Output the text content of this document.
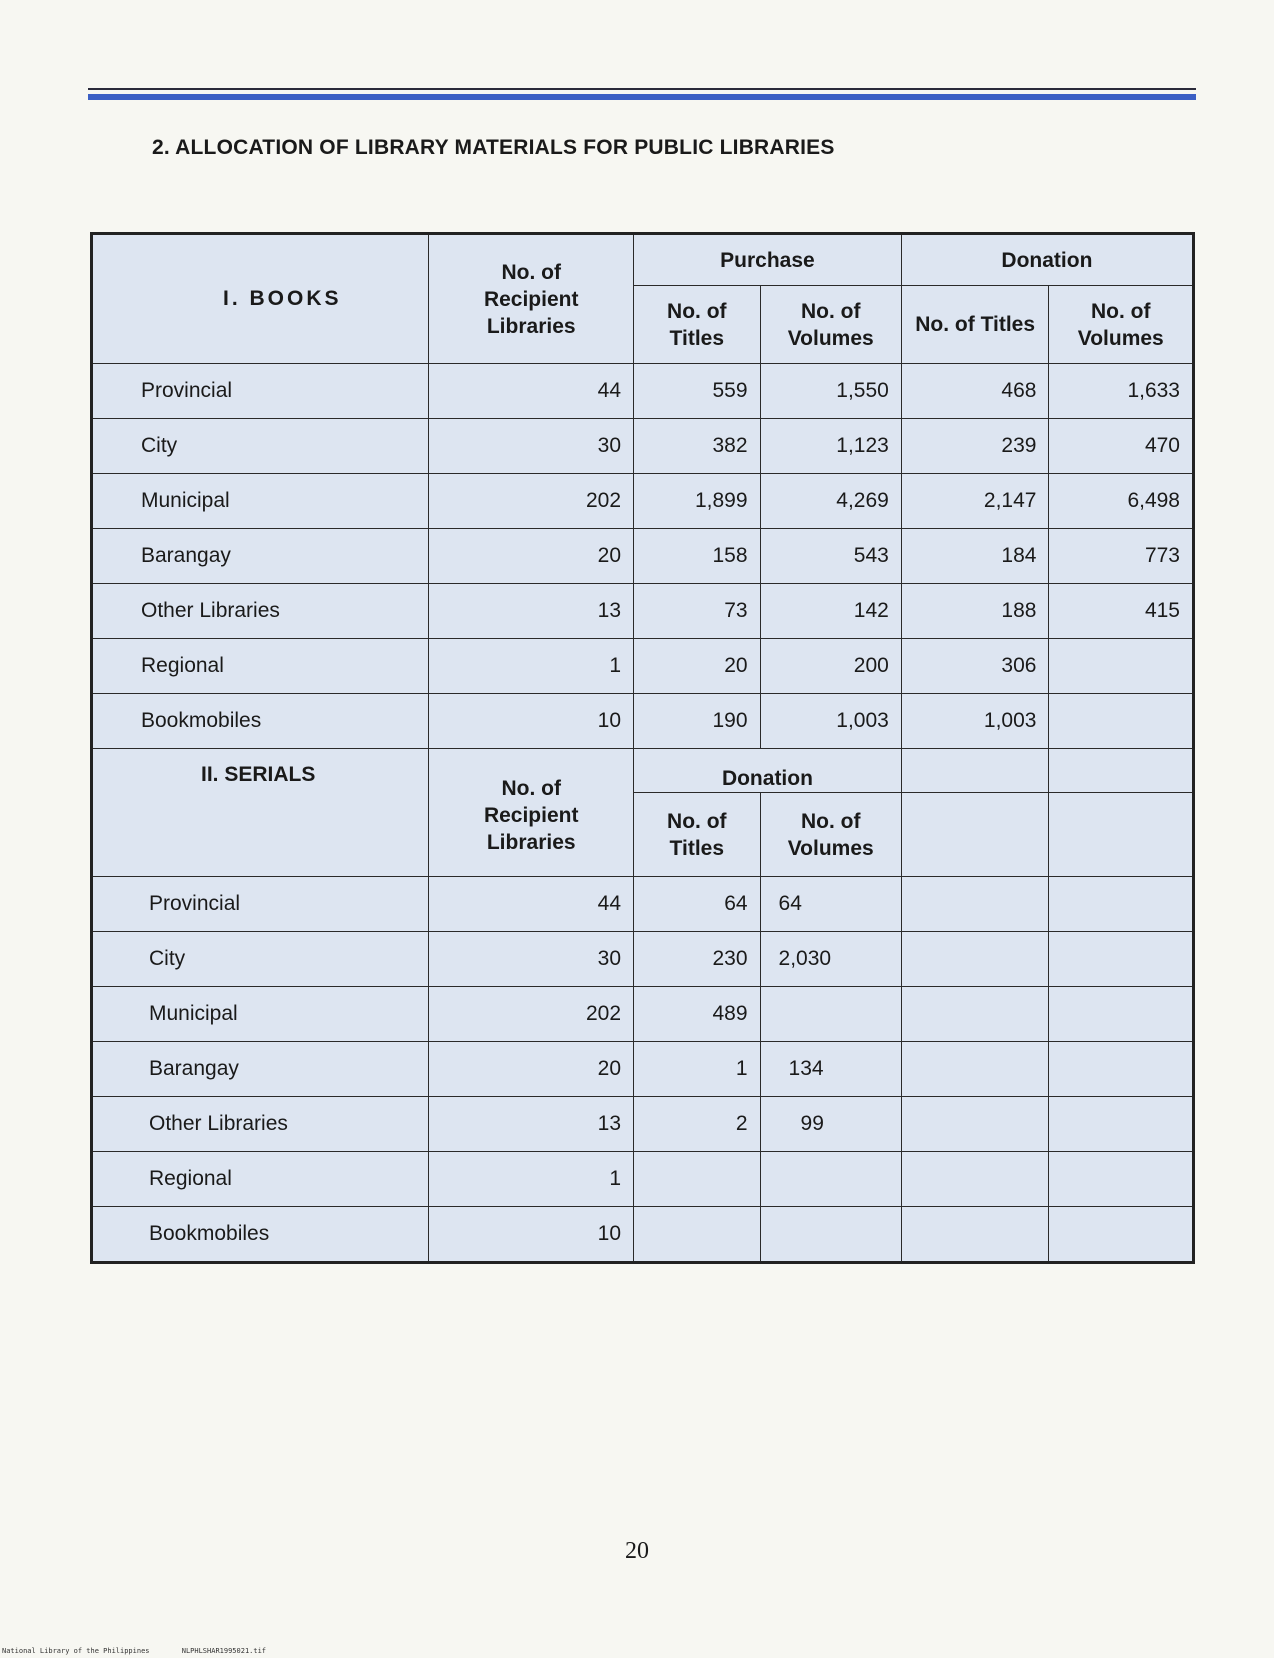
2. ALLOCATION OF LIBRARY MATERIALS FOR PUBLIC LIBRARIES
I. BOOKS	No. of Recipient Libraries	Purchase		Donation	
		No. of Titles	No. of Volumes	No. of Titles	No. of Volumes
Provincial	44	559	1,550	468	1,633
City	30	382	1,123	239	470
Municipal	202	1,899	4,269	2,147	6,498
Barangay	20	158	543	184	773
Other Libraries	13	73	142	188	415
Regional	1	20	200	306	
Bookmobiles	10	190	1,003	1,003	
II. SERIALS	No. of Recipient Libraries	Donation			
		No. of Titles	No. of Volumes		
Provincial	44	64	64		
City	30	230	2,030		
Municipal	202	489			
Barangay	20	1	134		
Other Libraries	13	2	99		
Regional	1				
Bookmobiles	10				
20
National Library of the Philippines	NLPHLSHAR1995021.tif
